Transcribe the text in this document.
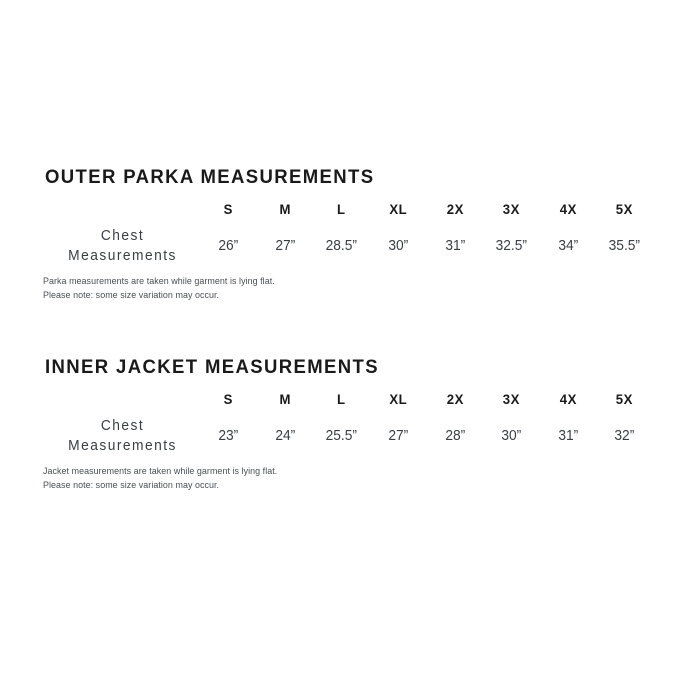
OUTER PARKA MEASUREMENTS
	S	M	L	XL	2X	3X	4X	5X

Chest
Measurements	26”	27”	28.5”	30”	31”	32.5”	34”	35.5”
Parka measurements are taken while garment is lying flat.
Please note: some size variation may occur.
INNER JACKET MEASUREMENTS
	S	M	L	XL	2X	3X	4X	5X

Chest
Measurements	23”	24”	25.5”	27”	28”	30”	31”	32”
Jacket measurements are taken while garment is lying flat.
Please note: some size variation may occur.
